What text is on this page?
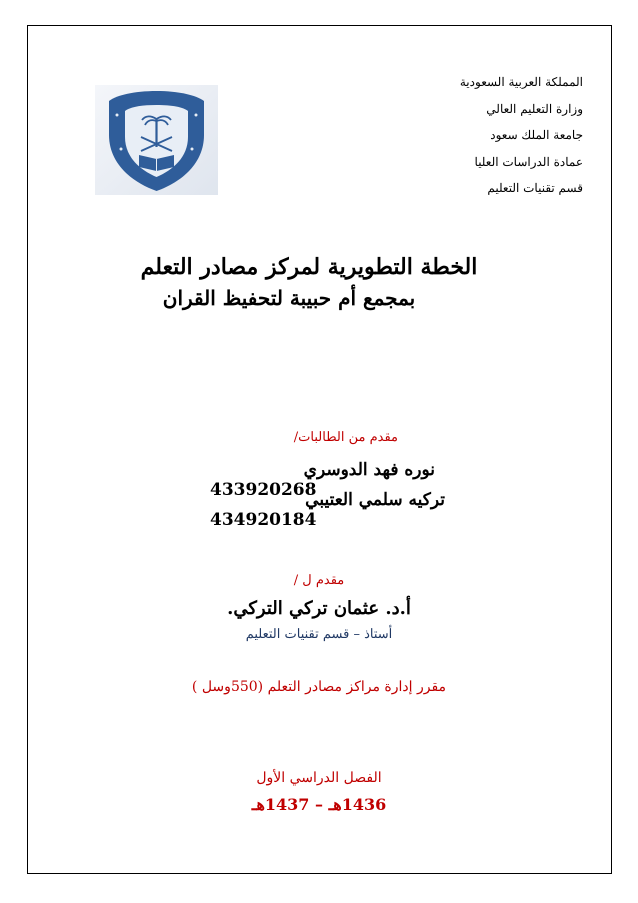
المملكة العربية السعودية
وزارة التعليم العالي
جامعة الملك سعود
عمادة الدراسات العليا
قسم تقنيات التعليم
الخطة التطويرية لمركز مصادر التعلم
بمجمع أم حبيبة لتحفيظ القران
مقدم من الطالبات/
نوره فهد الدوسري
433920268
تركيه سلمي العتيبي
434920184
مقدم ل /
أ.د. عثمان تركي التركي.
أستاذ – قسم تقنيات التعليم
مقرر إدارة مراكز مصادر التعلم (550وسل )
الفصل الدراسي الأول
1436هـ – 1437هـ
